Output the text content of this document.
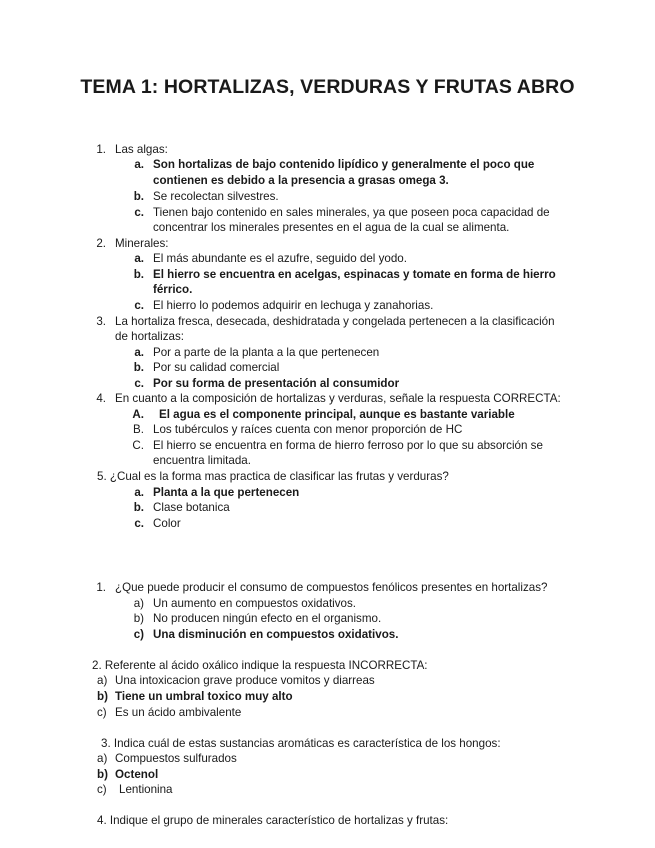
TEMA 1: HORTALIZAS, VERDURAS Y FRUTAS ABRO
1. Las algas:
a. Son hortalizas de bajo contenido lipídico y generalmente el poco que
contienen es debido a la presencia a grasas omega 3.
b. Se recolectan silvestres.
c. Tienen bajo contenido en sales minerales, ya que poseen poca capacidad de
concentrar los minerales presentes en el agua de la cual se alimenta.
2. Minerales:
a. El más abundante es el azufre, seguido del yodo.
b. El hierro se encuentra en acelgas, espinacas y tomate en forma de hierro
férrico.
c. El hierro lo podemos adquirir en lechuga y zanahorias.
3. La hortaliza fresca, desecada, deshidratada y congelada pertenecen a la clasificación
de hortalizas:
a. Por a parte de la planta a la que pertenecen
b. Por su calidad comercial
c. Por su forma de presentación al consumidor
4. En cuanto a la composición de hortalizas y verduras, señale la respuesta CORRECTA:
A. El agua es el componente principal, aunque es bastante variable
B. Los tubérculos y raíces cuenta con menor proporción de HC
C. El hierro se encuentra en forma de hierro ferroso por lo que su absorción se
encuentra limitada.
5. ¿Cual es la forma mas practica de clasificar las frutas y verduras?
a. Planta a la que pertenecen
b. Clase botanica
c. Color
1. ¿Que puede producir el consumo de compuestos fenólicos presentes en hortalizas?
a) Un aumento en compuestos oxidativos.
b) No producen ningún efecto en el organismo.
c) Una disminución en compuestos oxidativos.
2. Referente al ácido oxálico indique la respuesta INCORRECTA:
a) Una intoxicacion grave produce vomitos y diarreas
b) Tiene un umbral toxico muy alto
c) Es un ácido ambivalente
3. Indica cuál de estas sustancias aromáticas es característica de los hongos:
a) Compuestos sulfurados
b) Octenol
c) Lentionina
4. Indique el grupo de minerales característico de hortalizas y frutas:
